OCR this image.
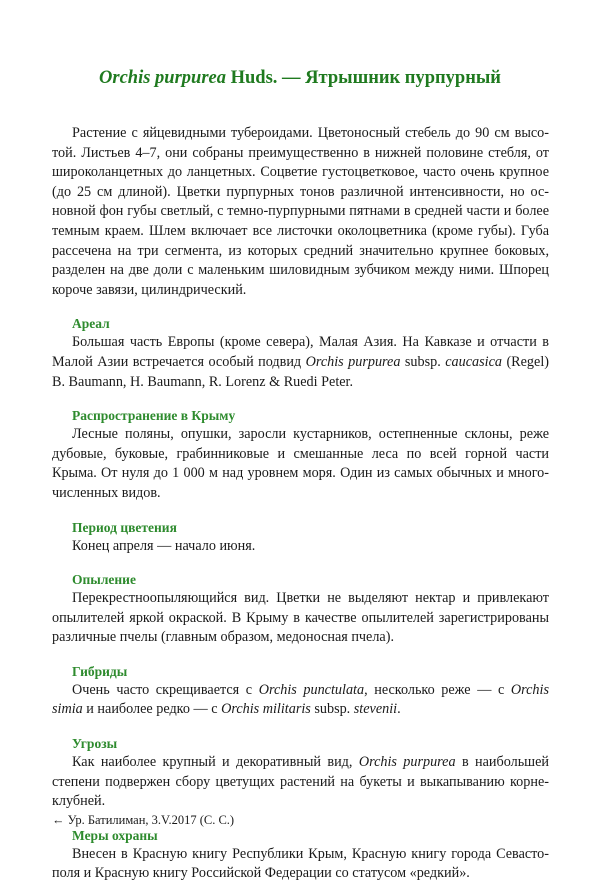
Orchis purpurea Huds. — Ятрышник пурпурный

Растение с яйцевидными тубероидами. Цветоносный стебель до 90 см высотой. Листьев 4–7, они собраны преимущественно в нижней половине стебля, от широколанцетных до ланцетных. Соцветие густоцветковое, часто очень крупное (до 25 см длиной). Цветки пурпурных тонов различной интенсивности, но основной фон губы светлый, с темно-пурпурными пятнами в средней части и более темным краем. Шлем включает все листочки околоцветника (кроме губы). Губа рассечена на три сегмента, из которых средний значительно крупнее боковых, разделен на две доли с маленьким шиловидным зубчиком между ними. Шпорец короче завязи, цилиндрический.

Ареал

Большая часть Европы (кроме севера), Малая Азия. На Кавказе и отчасти в Малой Азии встречается особый подвид Orchis purpurea subsp. caucasica (Regel) B. Baumann, H. Baumann, R. Lorenz & Ruedi Peter.

Распространение в Крыму

Лесные поляны, опушки, заросли кустарников, остепненные склоны, реже дубовые, буковые, грабинниковые и смешанные леса по всей горной части Крыма. От нуля до 1 000 м над уровнем моря. Один из самых обычных и многочисленных видов.

Период цветения

Конец апреля — начало июня.

Опыление

Перекрестноопыляющийся вид. Цветки не выделяют нектар и привлекают опылителей яркой окраской. В Крыму в качестве опылителей зарегистрированы различные пчелы (главным образом, медоносная пчела).

Гибриды

Очень часто скрещивается с Orchis punctulata, несколько реже — с Orchis simia и наиболее редко — с Orchis militaris subsp. stevenii.

Угрозы

Как наиболее крупный и декоративный вид, Orchis purpurea в наибольшей степени подвержен сбору цветущих растений на букеты и выкапыванию корнеклубней.

Меры охраны

Внесен в Красную книгу Республики Крым, Красную книгу города Севастополя и Красную книгу Российской Федерации со статусом «редкий».

← Ур. Батилиман, 3.V.2017 (С. С.)
